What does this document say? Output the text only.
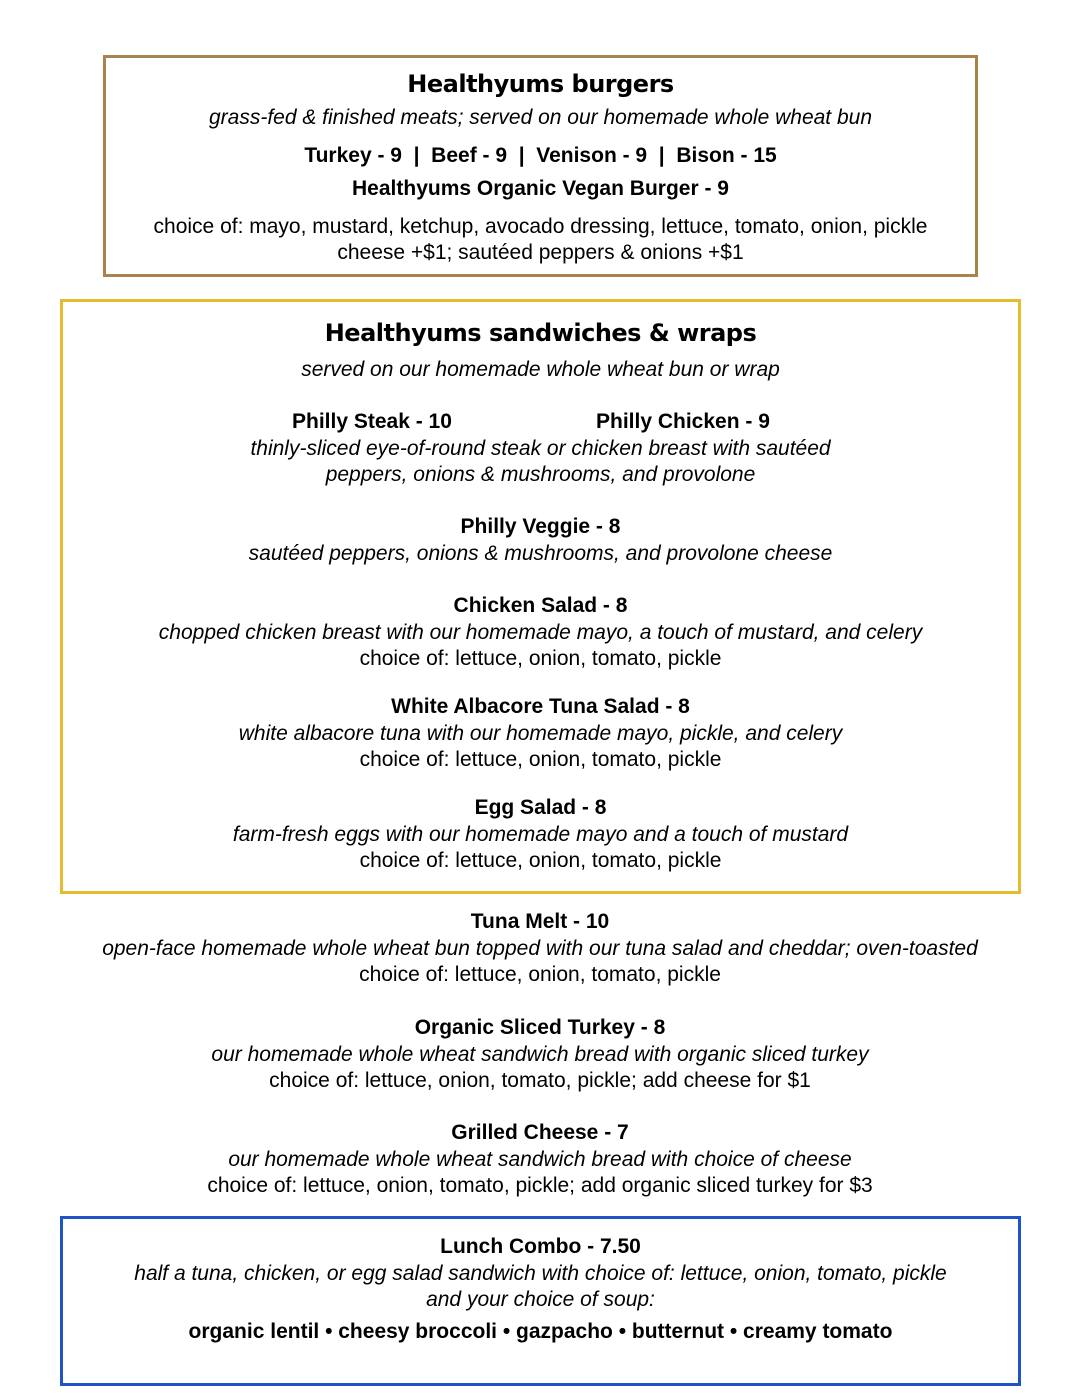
Healthyums burgers
grass-fed & finished meats; served on our homemade whole wheat bun
Turkey - 9  |  Beef - 9  |  Venison - 9  |  Bison - 15
Healthyums Organic Vegan Burger - 9
choice of: mayo, mustard, ketchup, avocado dressing, lettuce, tomato, onion, pickle
cheese +$1; sautéed peppers & onions +$1
Healthyums sandwiches & wraps
served on our homemade whole wheat bun or wrap
Philly Steak - 10	Philly Chicken - 9
thinly-sliced eye-of-round steak or chicken breast with sautéed
peppers, onions & mushrooms, and provolone
Philly Veggie - 8
sautéed peppers, onions & mushrooms, and provolone cheese
Chicken Salad - 8
chopped chicken breast with our homemade mayo, a touch of mustard, and celery
choice of: lettuce, onion, tomato, pickle
White Albacore Tuna Salad - 8
white albacore tuna with our homemade mayo, pickle, and celery
choice of: lettuce, onion, tomato, pickle
Egg Salad - 8
farm-fresh eggs with our homemade mayo and a touch of mustard
choice of: lettuce, onion, tomato, pickle
Tuna Melt - 10
open-face homemade whole wheat bun topped with our tuna salad and cheddar; oven-toasted
choice of: lettuce, onion, tomato, pickle
Organic Sliced Turkey - 8
our homemade whole wheat sandwich bread with organic sliced turkey
choice of: lettuce, onion, tomato, pickle; add cheese for $1
Grilled Cheese - 7
our homemade whole wheat sandwich bread with choice of cheese
choice of: lettuce, onion, tomato, pickle; add organic sliced turkey for $3
Lunch Combo - 7.50
half a tuna, chicken, or egg salad sandwich with choice of: lettuce, onion, tomato, pickle
and your choice of soup:
organic lentil • cheesy broccoli • gazpacho • butternut • creamy tomato
